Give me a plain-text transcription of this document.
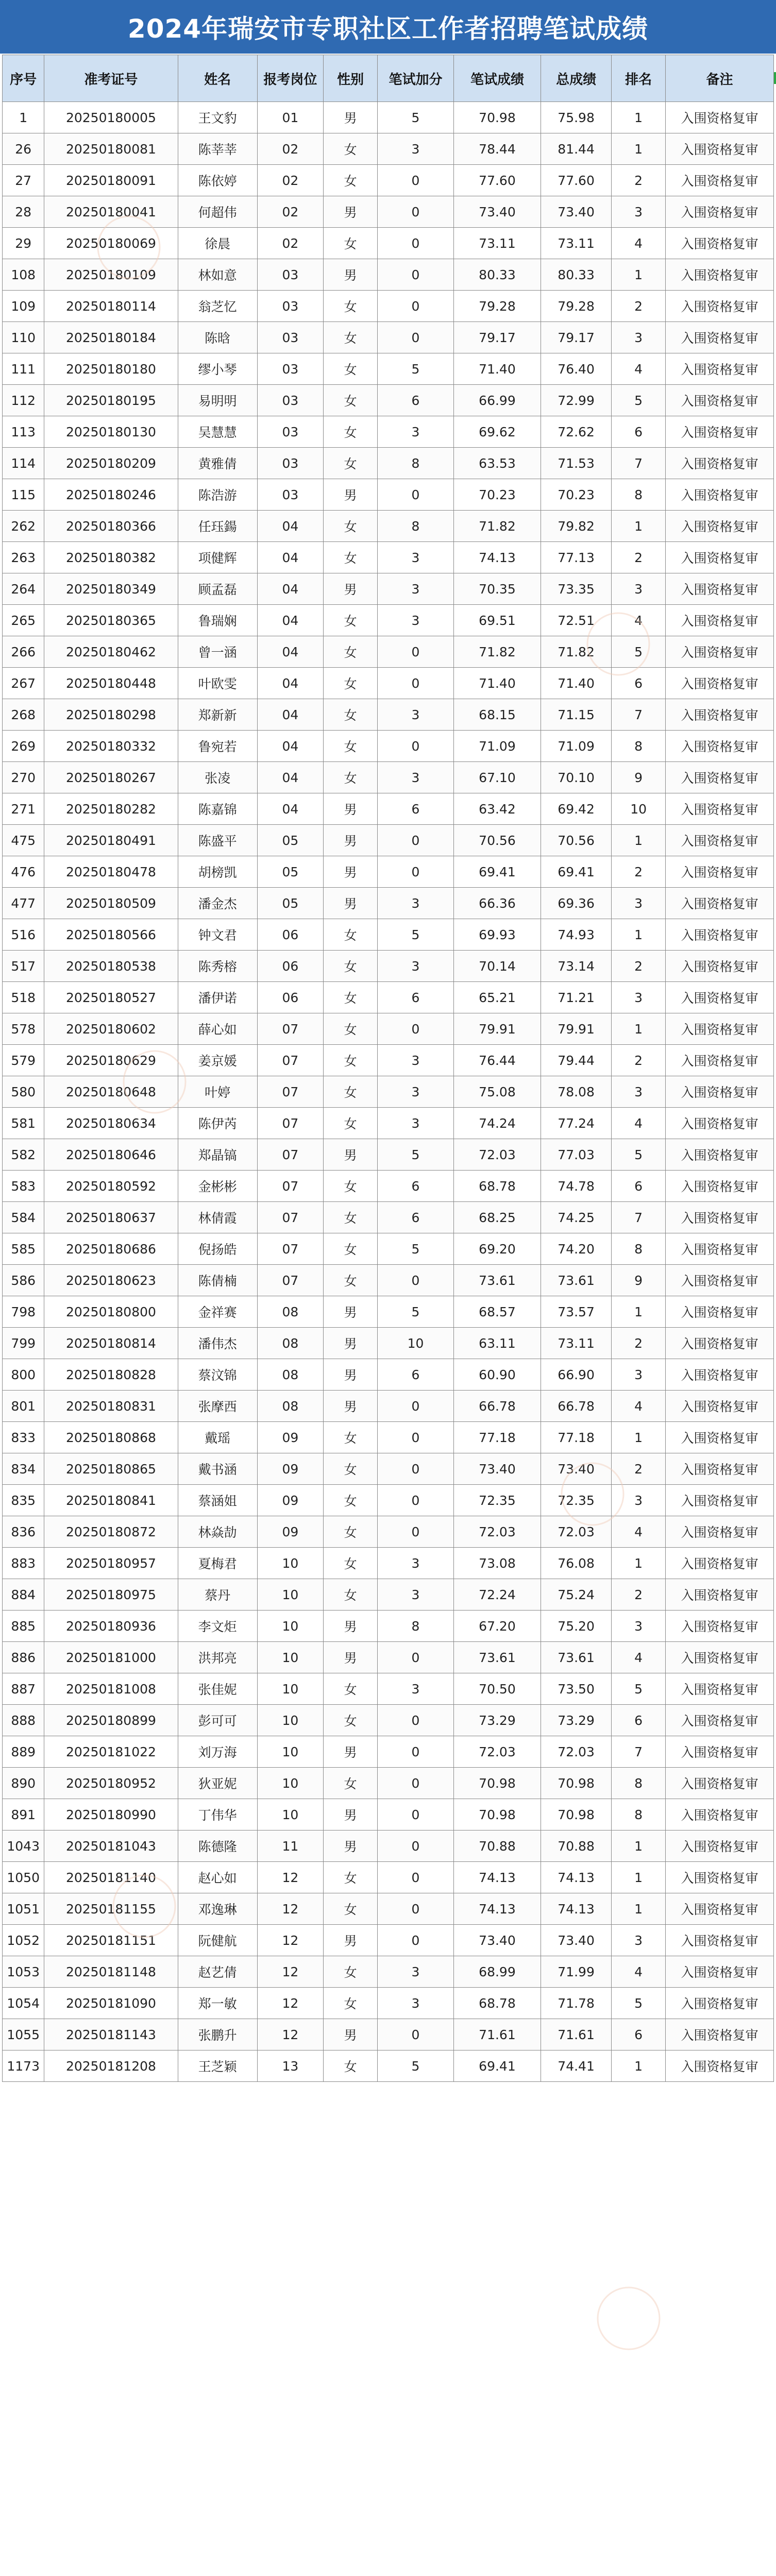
2024年瑞安市专职社区工作者招聘笔试成绩
序号	准考证号	姓名	报考岗位	性别	笔试加分	笔试成绩	总成绩	排名	备注
1	20250180005	王文豹	01	男	5	70.98	75.98	1	入围资格复审
26	20250180081	陈莘莘	02	女	3	78.44	81.44	1	入围资格复审
27	20250180091	陈依婷	02	女	0	77.60	77.60	2	入围资格复审
28	20250180041	何超伟	02	男	0	73.40	73.40	3	入围资格复审
29	20250180069	徐晨	02	女	0	73.11	73.11	4	入围资格复审
108	20250180109	林如意	03	男	0	80.33	80.33	1	入围资格复审
109	20250180114	翁芝忆	03	女	0	79.28	79.28	2	入围资格复审
110	20250180184	陈晗	03	女	0	79.17	79.17	3	入围资格复审
111	20250180180	缪小琴	03	女	5	71.40	76.40	4	入围资格复审
112	20250180195	易明明	03	女	6	66.99	72.99	5	入围资格复审
113	20250180130	吴慧慧	03	女	3	69.62	72.62	6	入围资格复审
114	20250180209	黄雅倩	03	女	8	63.53	71.53	7	入围资格复审
115	20250180246	陈浩游	03	男	0	70.23	70.23	8	入围资格复审
262	20250180366	任珏鍚	04	女	8	71.82	79.82	1	入围资格复审
263	20250180382	项健辉	04	女	3	74.13	77.13	2	入围资格复审
264	20250180349	顾孟磊	04	男	3	70.35	73.35	3	入围资格复审
265	20250180365	鲁瑞娴	04	女	3	69.51	72.51	4	入围资格复审
266	20250180462	曾一涵	04	女	0	71.82	71.82	5	入围资格复审
267	20250180448	叶欧雯	04	女	0	71.40	71.40	6	入围资格复审
268	20250180298	郑新新	04	女	3	68.15	71.15	7	入围资格复审
269	20250180332	鲁宛若	04	女	0	71.09	71.09	8	入围资格复审
270	20250180267	张凌	04	女	3	67.10	70.10	9	入围资格复审
271	20250180282	陈嘉锦	04	男	6	63.42	69.42	10	入围资格复审
475	20250180491	陈盛平	05	男	0	70.56	70.56	1	入围资格复审
476	20250180478	胡榜凯	05	男	0	69.41	69.41	2	入围资格复审
477	20250180509	潘金杰	05	男	3	66.36	69.36	3	入围资格复审
516	20250180566	钟文君	06	女	5	69.93	74.93	1	入围资格复审
517	20250180538	陈秀榕	06	女	3	70.14	73.14	2	入围资格复审
518	20250180527	潘伊诺	06	女	6	65.21	71.21	3	入围资格复审
578	20250180602	薛心如	07	女	0	79.91	79.91	1	入围资格复审
579	20250180629	姜京媛	07	女	3	76.44	79.44	2	入围资格复审
580	20250180648	叶婷	07	女	3	75.08	78.08	3	入围资格复审
581	20250180634	陈伊芮	07	女	3	74.24	77.24	4	入围资格复审
582	20250180646	郑晶镐	07	男	5	72.03	77.03	5	入围资格复审
583	20250180592	金彬彬	07	女	6	68.78	74.78	6	入围资格复审
584	20250180637	林倩霞	07	女	6	68.25	74.25	7	入围资格复审
585	20250180686	倪扬皓	07	女	5	69.20	74.20	8	入围资格复审
586	20250180623	陈倩楠	07	女	0	73.61	73.61	9	入围资格复审
798	20250180800	金祥赛	08	男	5	68.57	73.57	1	入围资格复审
799	20250180814	潘伟杰	08	男	10	63.11	73.11	2	入围资格复审
800	20250180828	蔡汶锦	08	男	6	60.90	66.90	3	入围资格复审
801	20250180831	张摩西	08	男	0	66.78	66.78	4	入围资格复审
833	20250180868	戴瑶	09	女	0	77.18	77.18	1	入围资格复审
834	20250180865	戴书涵	09	女	0	73.40	73.40	2	入围资格复审
835	20250180841	蔡涵姐	09	女	0	72.35	72.35	3	入围资格复审
836	20250180872	林焱劼	09	女	0	72.03	72.03	4	入围资格复审
883	20250180957	夏梅君	10	女	3	73.08	76.08	1	入围资格复审
884	20250180975	蔡丹	10	女	3	72.24	75.24	2	入围资格复审
885	20250180936	李文炬	10	男	8	67.20	75.20	3	入围资格复审
886	20250181000	洪邦亮	10	男	0	73.61	73.61	4	入围资格复审
887	20250181008	张佳妮	10	女	3	70.50	73.50	5	入围资格复审
888	20250180899	彭可可	10	女	0	73.29	73.29	6	入围资格复审
889	20250181022	刘万海	10	男	0	72.03	72.03	7	入围资格复审
890	20250180952	狄亚妮	10	女	0	70.98	70.98	8	入围资格复审
891	20250180990	丁伟华	10	男	0	70.98	70.98	8	入围资格复审
1043	20250181043	陈德隆	11	男	0	70.88	70.88	1	入围资格复审
1050	20250181140	赵心如	12	女	0	74.13	74.13	1	入围资格复审
1051	20250181155	邓逸琳	12	女	0	74.13	74.13	1	入围资格复审
1052	20250181151	阮健航	12	男	0	73.40	73.40	3	入围资格复审
1053	20250181148	赵艺倩	12	女	3	68.99	71.99	4	入围资格复审
1054	20250181090	郑一敏	12	女	3	68.78	71.78	5	入围资格复审
1055	20250181143	张鹏升	12	男	0	71.61	71.61	6	入围资格复审
1173	20250181208	王芝颖	13	女	5	69.41	74.41	1	入围资格复审
